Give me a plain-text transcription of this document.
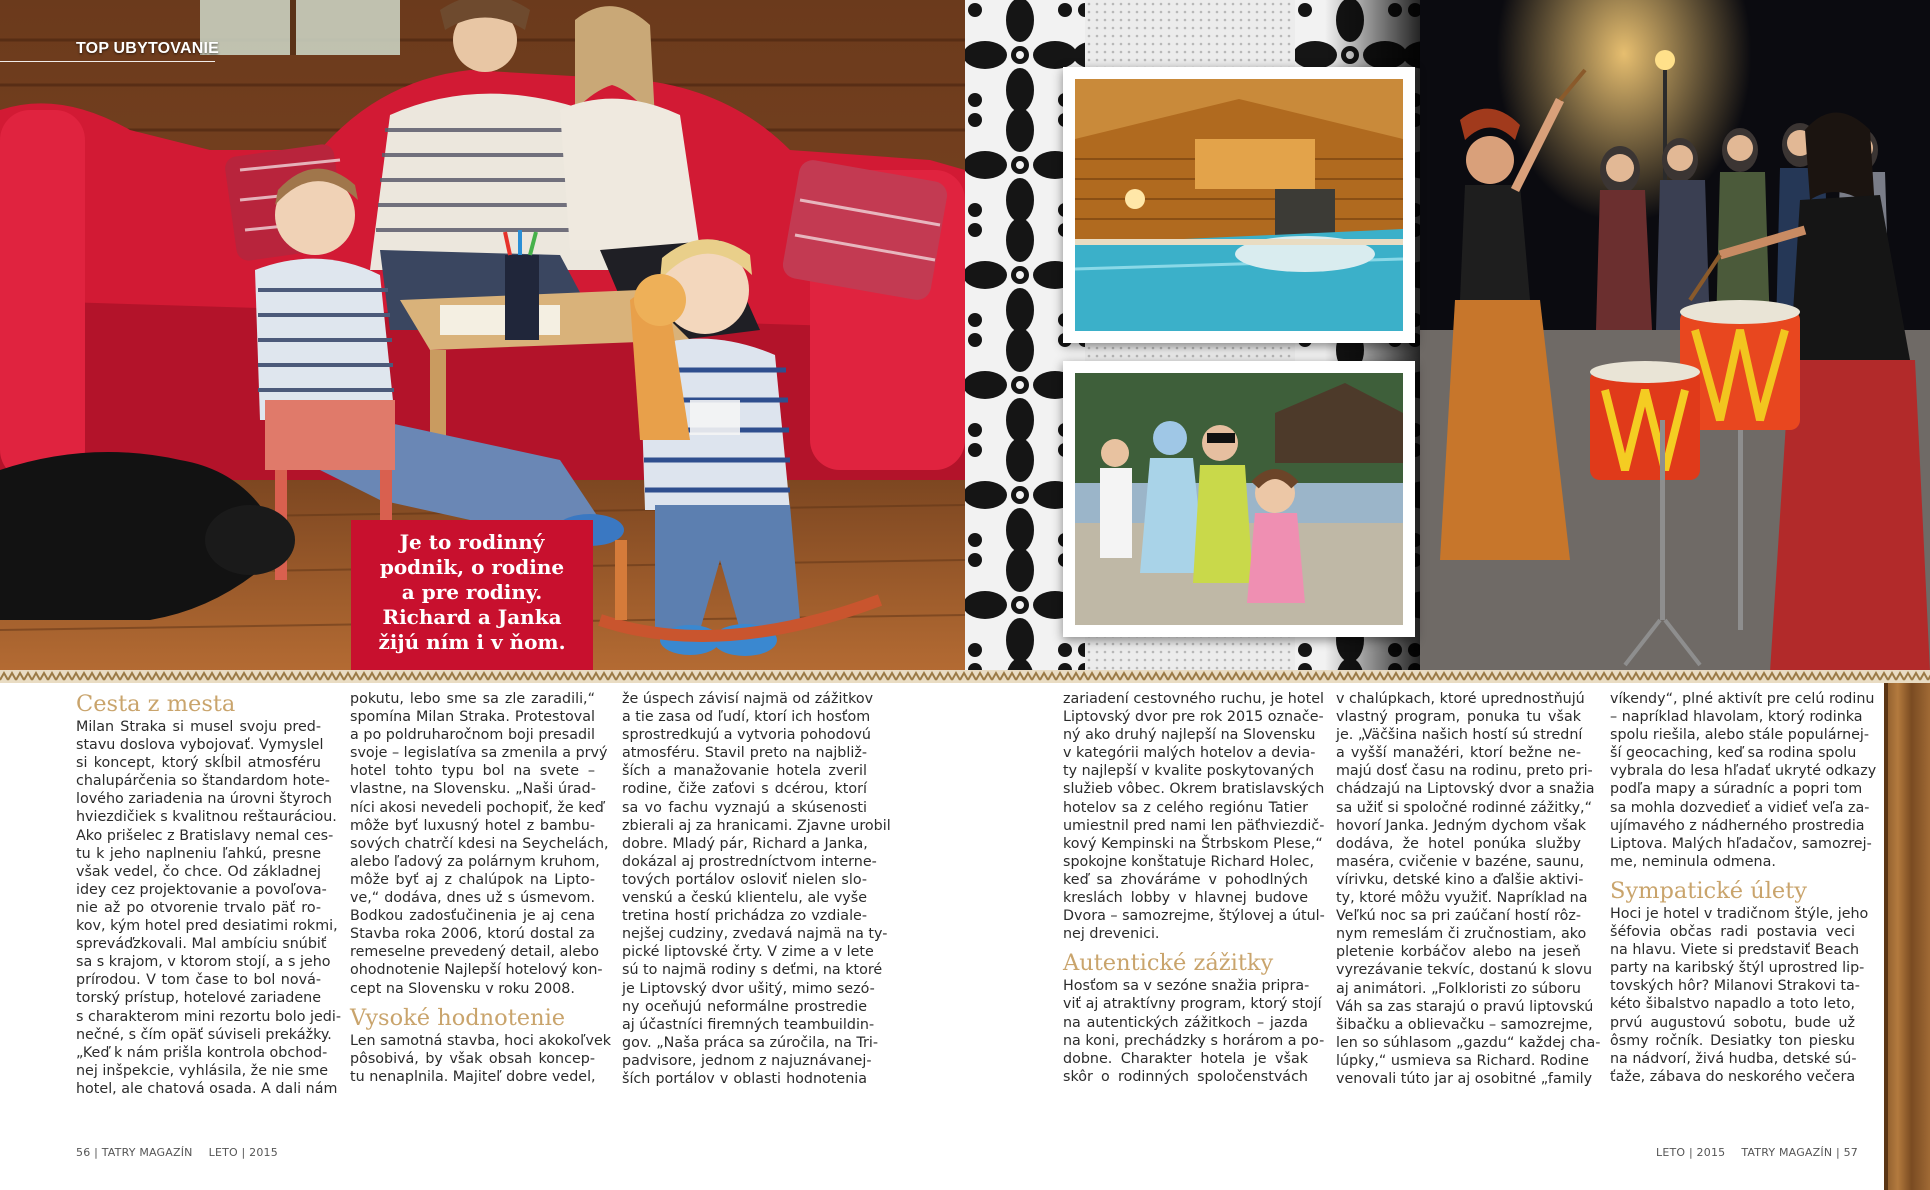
TOP UBYTOVANIE
Je to rodinný
podnik, o rodine
a pre rodiny.
Richard a Janka
žijú ním i v ňom.
Cesta z mesta

Milan Straka si musel svoju pred-
stavu doslova vybojovať. Vymyslel
si koncept, ktorý skĺbil atmosféru
chalupárčenia so štandardom hote-
lového zariadenia na úrovni štyroch
hviezdičiek s kvalitnou reštauráciou.
Ako prišelec z Bratislavy nemal ces-
tu k jeho naplneniu ľahkú, presne
však vedel, čo chce. Od základnej
idey cez projektovanie a povoľova-
nie až po otvorenie trvalo päť ro-
kov, kým hotel pred desiatimi rokmi,
spreváďzkovali. Mal ambíciu snúbiť
sa s krajom, v ktorom stojí, a s jeho
prírodou. V tom čase to bol nová-
torský prístup, hotelové zariadene
s charakterom mini rezortu bolo jedi-
nečné, s čím opäť súviseli prekážky.
„Keď k nám prišla kontrola obchod-
nej inšpekcie, vyhlásila, že nie sme
hotel, ale chatová osada. A dali nám

pokutu, lebo sme sa zle zaradili,“
spomína Milan Straka. Protestoval
a po poldruharočnom boji presadil
svoje – legislatíva sa zmenila a prvý
hotel tohto typu bol na svete –
vlastne, na Slovensku. „Naši úrad-
níci akosi nevedeli pochopiť, že keď
môže byť luxusný hotel z bambu-
sových chatrčí kdesi na Seychelách,
alebo ľadový za polárnym kruhom,
môže byť aj z chalúpok na Lipto-
ve,“ dodáva, dnes už s úsmevom.
Bodkou zadosťučinenia je aj cena
Stavba roka 2006, ktorú dostal za
remeselne prevedený detail, alebo
ohodnotenie Najlepší hotelový kon-
cept na Slovensku v roku 2008.

Vysoké hodnotenie

Len samotná stavba, hoci akokoľvek
pôsobivá, by však obsah koncep-
tu nenaplnila. Majiteľ dobre vedel,

že úspech závisí najmä od zážitkov
a tie zasa od ľudí, ktorí ich hosťom
sprostredkujú a vytvoria pohodovú
atmosféru. Stavil preto na najbliž-
ších a manažovanie hotela zveril
rodine, čiže zaťovi s dcérou, ktorí
sa vo fachu vyznajú a skúsenosti
zbierali aj za hranicami. Zjavne urobil
dobre. Mladý pár, Richard a Janka,
dokázal aj prostredníctvom interne-
tových portálov osloviť nielen slo-
venskú a českú klientelu, ale vyše
tretina hostí prichádza zo vzdiale-
nejšej cudziny, zvedavá najmä na ty-
pické liptovské črty. V zime a v lete
sú to najmä rodiny s deťmi, na ktoré
je Liptovský dvor ušitý, mimo sezó-
ny oceňujú neformálne prostredie
aj účastníci firemných teambuildin-
gov. „Naša práca sa zúročila, na Tri-
padvisore, jednom z najuznávanej-
ších portálov v oblasti hodnotenia

zariadení cestovného ruchu, je hotel
Liptovský dvor pre rok 2015 označe-
ný ako druhý najlepší na Slovensku
v kategórii malých hotelov a devia-
ty najlepší v kvalite poskytovaných
služieb vôbec. Okrem bratislavských
hotelov sa z celého regiónu Tatier
umiestnil pred nami len päťhviezdič-
kový Kempinski na Štrbskom Plese,“
spokojne konštatuje Richard Holec,
keď sa zhováráme v pohodlných
kreslách lobby v hlavnej budove
Dvora – samozrejme, štýlovej a útul-
nej drevenici.

Autentické zážitky

Hosťom sa v sezóne snažia pripra-
viť aj atraktívny program, ktorý stojí
na autentických zážitkoch – jazda
na koni, prechádzky s horárom a po-
dobne. Charakter hotela je však
skôr o rodinných spoločenstvách

v chalúpkach, ktoré uprednostňujú
vlastný program, ponuka tu však
je. „Väčšina našich hostí sú strední
a vyšší manažéri, ktorí bežne ne-
majú dosť času na rodinu, preto pri-
chádzajú na Liptovský dvor a snažia
sa užiť si spoločné rodinné zážitky,“
hovorí Janka. Jedným dychom však
dodáva, že hotel ponúka služby
maséra, cvičenie v bazéne, saunu,
vírivku, detské kino a ďalšie aktivi-
ty, ktoré môžu využiť. Napríklad na
Veľkú noc sa pri zaúčaní hostí rôz-
nym remeslám či zručnostiam, ako
pletenie korbáčov alebo na jeseň
vyrezávanie tekvíc, dostanú k slovu
aj animátori. „Folkloristi zo súboru
Váh sa zas starajú o pravú liptovskú
šibačku a oblievačku – samozrejme,
len so súhlasom „gazdu“ každej cha-
lúpky,“ usmieva sa Richard. Rodine
venovali túto jar aj osobitné „family

víkendy“, plné aktivít pre celú rodinu
– napríklad hlavolam, ktorý rodinka
spolu riešila, alebo stále populárnej-
ší geocaching, keď sa rodina spolu
vybrala do lesa hľadať ukryté odkazy
podľa mapy a súradníc a popri tom
sa mohla dozvedieť a vidieť veľa za-
ujímavého z nádherného prostredia
Liptova. Malých hľadačov, samozrej-
me, neminula odmena.

Sympatické úlety

Hoci je hotel v tradičnom štýle, jeho
šéfovia občas radi postavia veci
na hlavu. Viete si predstaviť Beach
party na karibský štýl uprostred lip-
tovských hôr? Milanovi Strakovi ta-
kéto šibalstvo napadlo a toto leto,
prvú augustovú sobotu, bude už
ôsmy ročník. Desiatky ton piesku
na nádvorí, živá hudba, detské sú-
ťaže, zábava do neskorého večera

56 | TATRY MAGAZÍN LETO | 2015	LETO | 2015 TATRY MAGAZÍN | 57
